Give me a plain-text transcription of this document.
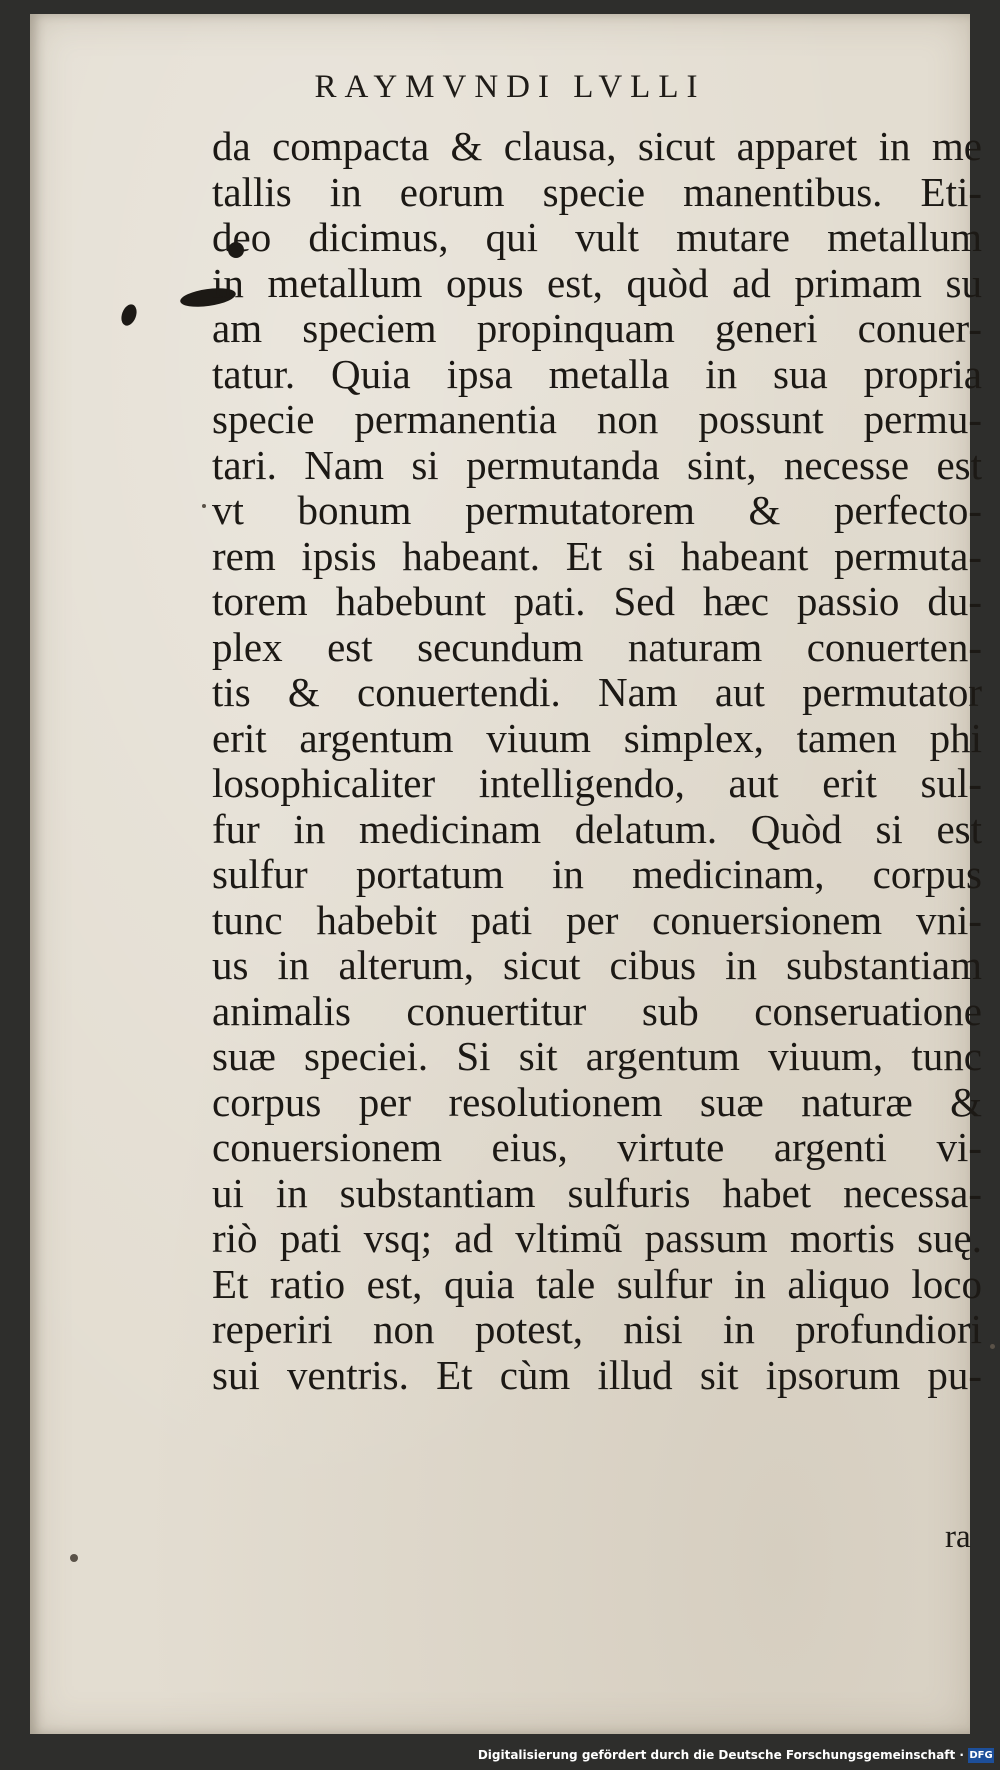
RAYMVNDI LVLLI
da compacta & clausa, sicut apparet in me
tallis in eorum specie manentibus. Eti-
deo dicimus, qui vult mutare metallum
in metallum opus est, quòd ad primam su
am speciem propinquam generi conuer-
tatur. Quia ipsa metalla in sua propria
specie permanentia non possunt permu-
tari. Nam si permutanda sint, necesse est
vt bonum permutatorem & perfecto-
rem ipsis habeant. Et si habeant permuta-
torem habebunt pati. Sed hæc passio du-
plex est secundum naturam conuerten-
tis & conuertendi. Nam aut permutator
erit argentum viuum simplex, tamen phi
losophicaliter intelligendo, aut erit sul-
fur in medicinam delatum. Quòd si est
sulfur portatum in medicinam, corpus
tunc habebit pati per conuersionem vni-
us in alterum, sicut cibus in substantiam
animalis conuertitur sub conseruatione
suæ speciei. Si sit argentum viuum, tunc
corpus per resolutionem suæ naturæ &
conuersionem eius, virtute argenti vi-
ui in substantiam sulfuris habet necessa-
riò pati vsq; ad vltimũ passum mortis suę.
Et ratio est, quia tale sulfur in aliquo loco
reperiri non potest, nisi in profundiori
sui ventris. Et cùm illud sit ipsorum pu-
ra
Digitalisierung gefördert durch die Deutsche Forschungsgemeinschaft · DFG
